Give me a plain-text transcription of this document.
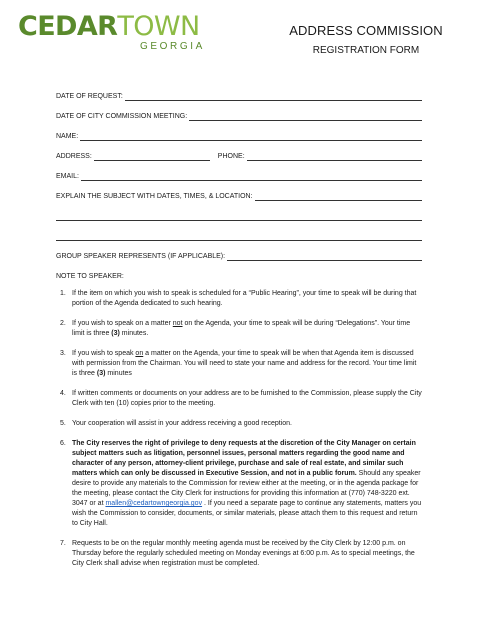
CEDARTOWN
GEORGIA
ADDRESS COMMISSION
REGISTRATION FORM
DATE OF REQUEST:
DATE OF CITY COMMISSION MEETING:
NAME:
ADDRESS:	PHONE:
EMAIL:
EXPLAIN THE SUBJECT WITH DATES, TIMES, & LOCATION:
GROUP SPEAKER REPRESENTS (IF APPLICABLE):
NOTE TO SPEAKER:
1. If the item on which you wish to speak is scheduled for a “Public Hearing”, your time to speak will be during that portion of the Agenda dedicated to such hearing.
2. If you wish to speak on a matter not on the Agenda, your time to speak will be during “Delegations”. Your time limit is three (3) minutes.
3. If you wish to speak on a matter on the Agenda, your time to speak will be when that Agenda item is discussed with permission from the Chairman. You will need to state your name and address for the record. Your time limit is three (3) minutes
4. If written comments or documents on your address are to be furnished to the Commission, please supply the City Clerk with ten (10) copies prior to the meeting.
5. Your cooperation will assist in your address receiving a good reception.
6. The City reserves the right of privilege to deny requests at the discretion of the City Manager on certain subject matters such as litigation, personnel issues, personal matters regarding the good name and character of any person, attorney-client privilege, purchase and sale of real estate, and similar such matters which can only be discussed in Executive Session, and not in a public forum. Should any speaker desire to provide any materials to the Commission for review either at the meeting, or in the agenda package for the meeting, please contact the City Clerk for instructions for providing this information at (770) 748-3220 ext. 3047 or at mallen@cedartowngeorgia.gov . If you need a separate page to continue any statements, matters you wish the Commission to consider, documents, or similar materials, please attach them to this request and return to City Hall.
7. Requests to be on the regular monthly meeting agenda must be received by the City Clerk by 12:00 p.m. on Thursday before the regularly scheduled meeting on Monday evenings at 6:00 p.m. As to special meetings, the City Clerk shall advise when registration must be completed.
